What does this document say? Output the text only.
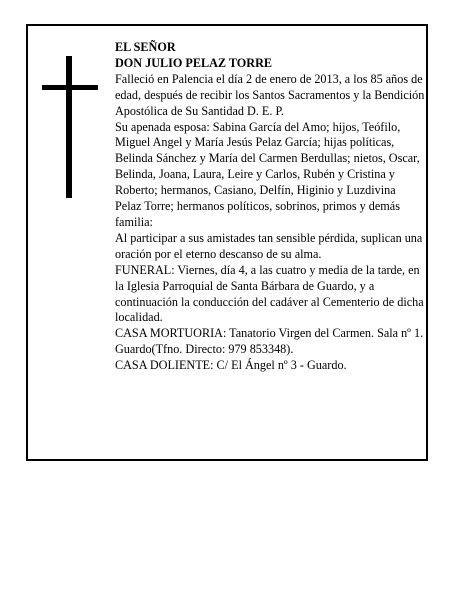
EL SEÑOR

DON JULIO PELAZ TORRE

Falleció en Palencia el día 2 de enero de 2013, a los 85 años de edad, después de recibir los Santos Sacramentos y la Bendición Apostólica de Su Santidad D. E. P.

Su apenada esposa: Sabina García del Amo; hijos, Teófilo, Miguel Angel y María Jesús Pelaz García; hijas políticas, Belinda Sánchez y María del Carmen Berdullas; nietos, Oscar, Belinda, Joana, Laura, Leire y Carlos, Rubén y Cristina y Roberto; hermanos, Casiano, Delfín, Higinio y Luzdivina Pelaz Torre; hermanos políticos, sobrinos, primos y demás familia:

Al participar a sus amistades tan sensible pérdida, suplican una oración por el eterno descanso de su alma.

FUNERAL: Viernes, día 4, a las cuatro y media de la tarde, en la Iglesia Parroquial de Santa Bárbara de Guardo, y a continuación la conducción del cadáver al Cementerio de dicha localidad.

CASA MORTUORIA: Tanatorio Virgen del Carmen. Sala nº 1. Guardo(Tfno. Directo: 979 853348).

CASA DOLIENTE: C/ El Ángel nº 3 - Guardo.
